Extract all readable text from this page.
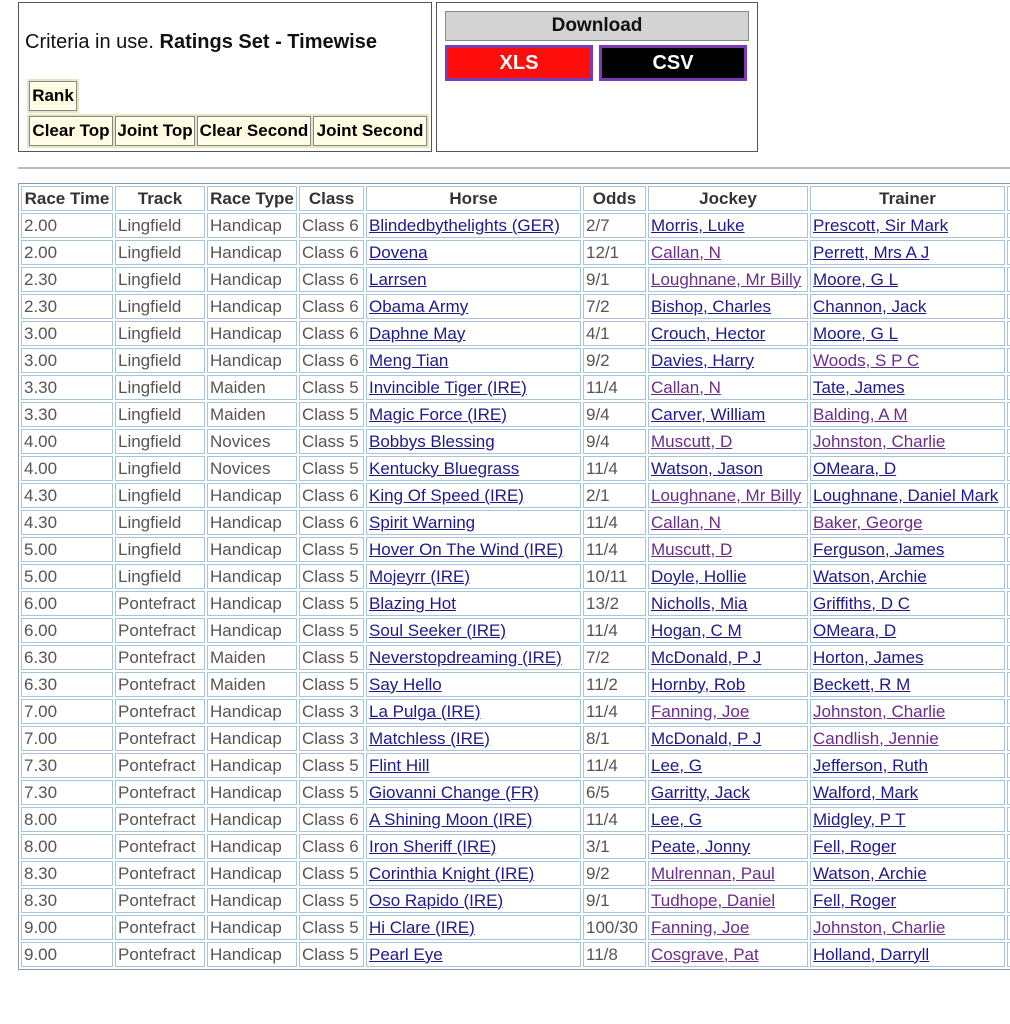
Criteria in use. Ratings Set - Timewise
Rank
Clear Top Joint Top Clear Second Joint Second
Download
XLS	CSV
Race Time	Track	Race Type	Class	Horse	Odds	Jockey	Trainer	
2.00	Lingfield	Handicap	Class 6	Blindedbythelights (GER)	2/7	Morris, Luke	Prescott, Sir Mark	
2.00	Lingfield	Handicap	Class 6	Dovena	12/1	Callan, N	Perrett, Mrs A J	
2.30	Lingfield	Handicap	Class 6	Larrsen	9/1	Loughnane, Mr Billy	Moore, G L	
2.30	Lingfield	Handicap	Class 6	Obama Army	7/2	Bishop, Charles	Channon, Jack	
3.00	Lingfield	Handicap	Class 6	Daphne May	4/1	Crouch, Hector	Moore, G L	
3.00	Lingfield	Handicap	Class 6	Meng Tian	9/2	Davies, Harry	Woods, S P C	
3.30	Lingfield	Maiden	Class 5	Invincible Tiger (IRE)	11/4	Callan, N	Tate, James	
3.30	Lingfield	Maiden	Class 5	Magic Force (IRE)	9/4	Carver, William	Balding, A M	
4.00	Lingfield	Novices	Class 5	Bobbys Blessing	9/4	Muscutt, D	Johnston, Charlie	
4.00	Lingfield	Novices	Class 5	Kentucky Bluegrass	11/4	Watson, Jason	OMeara, D	
4.30	Lingfield	Handicap	Class 6	King Of Speed (IRE)	2/1	Loughnane, Mr Billy	Loughnane, Daniel Mark	
4.30	Lingfield	Handicap	Class 6	Spirit Warning	11/4	Callan, N	Baker, George	
5.00	Lingfield	Handicap	Class 5	Hover On The Wind (IRE)	11/4	Muscutt, D	Ferguson, James	
5.00	Lingfield	Handicap	Class 5	Mojeyrr (IRE)	10/11	Doyle, Hollie	Watson, Archie	
6.00	Pontefract	Handicap	Class 5	Blazing Hot	13/2	Nicholls, Mia	Griffiths, D C	
6.00	Pontefract	Handicap	Class 5	Soul Seeker (IRE)	11/4	Hogan, C M	OMeara, D	
6.30	Pontefract	Maiden	Class 5	Neverstopdreaming (IRE)	7/2	McDonald, P J	Horton, James	
6.30	Pontefract	Maiden	Class 5	Say Hello	11/2	Hornby, Rob	Beckett, R M	
7.00	Pontefract	Handicap	Class 3	La Pulga (IRE)	11/4	Fanning, Joe	Johnston, Charlie	
7.00	Pontefract	Handicap	Class 3	Matchless (IRE)	8/1	McDonald, P J	Candlish, Jennie	
7.30	Pontefract	Handicap	Class 5	Flint Hill	11/4	Lee, G	Jefferson, Ruth	
7.30	Pontefract	Handicap	Class 5	Giovanni Change (FR)	6/5	Garritty, Jack	Walford, Mark	
8.00	Pontefract	Handicap	Class 6	A Shining Moon (IRE)	11/4	Lee, G	Midgley, P T	
8.00	Pontefract	Handicap	Class 6	Iron Sheriff (IRE)	3/1	Peate, Jonny	Fell, Roger	
8.30	Pontefract	Handicap	Class 5	Corinthia Knight (IRE)	9/2	Mulrennan, Paul	Watson, Archie	
8.30	Pontefract	Handicap	Class 5	Oso Rapido (IRE)	9/1	Tudhope, Daniel	Fell, Roger	
9.00	Pontefract	Handicap	Class 5	Hi Clare (IRE)	100/30	Fanning, Joe	Johnston, Charlie	
9.00	Pontefract	Handicap	Class 5	Pearl Eye	11/8	Cosgrave, Pat	Holland, Darryll	
